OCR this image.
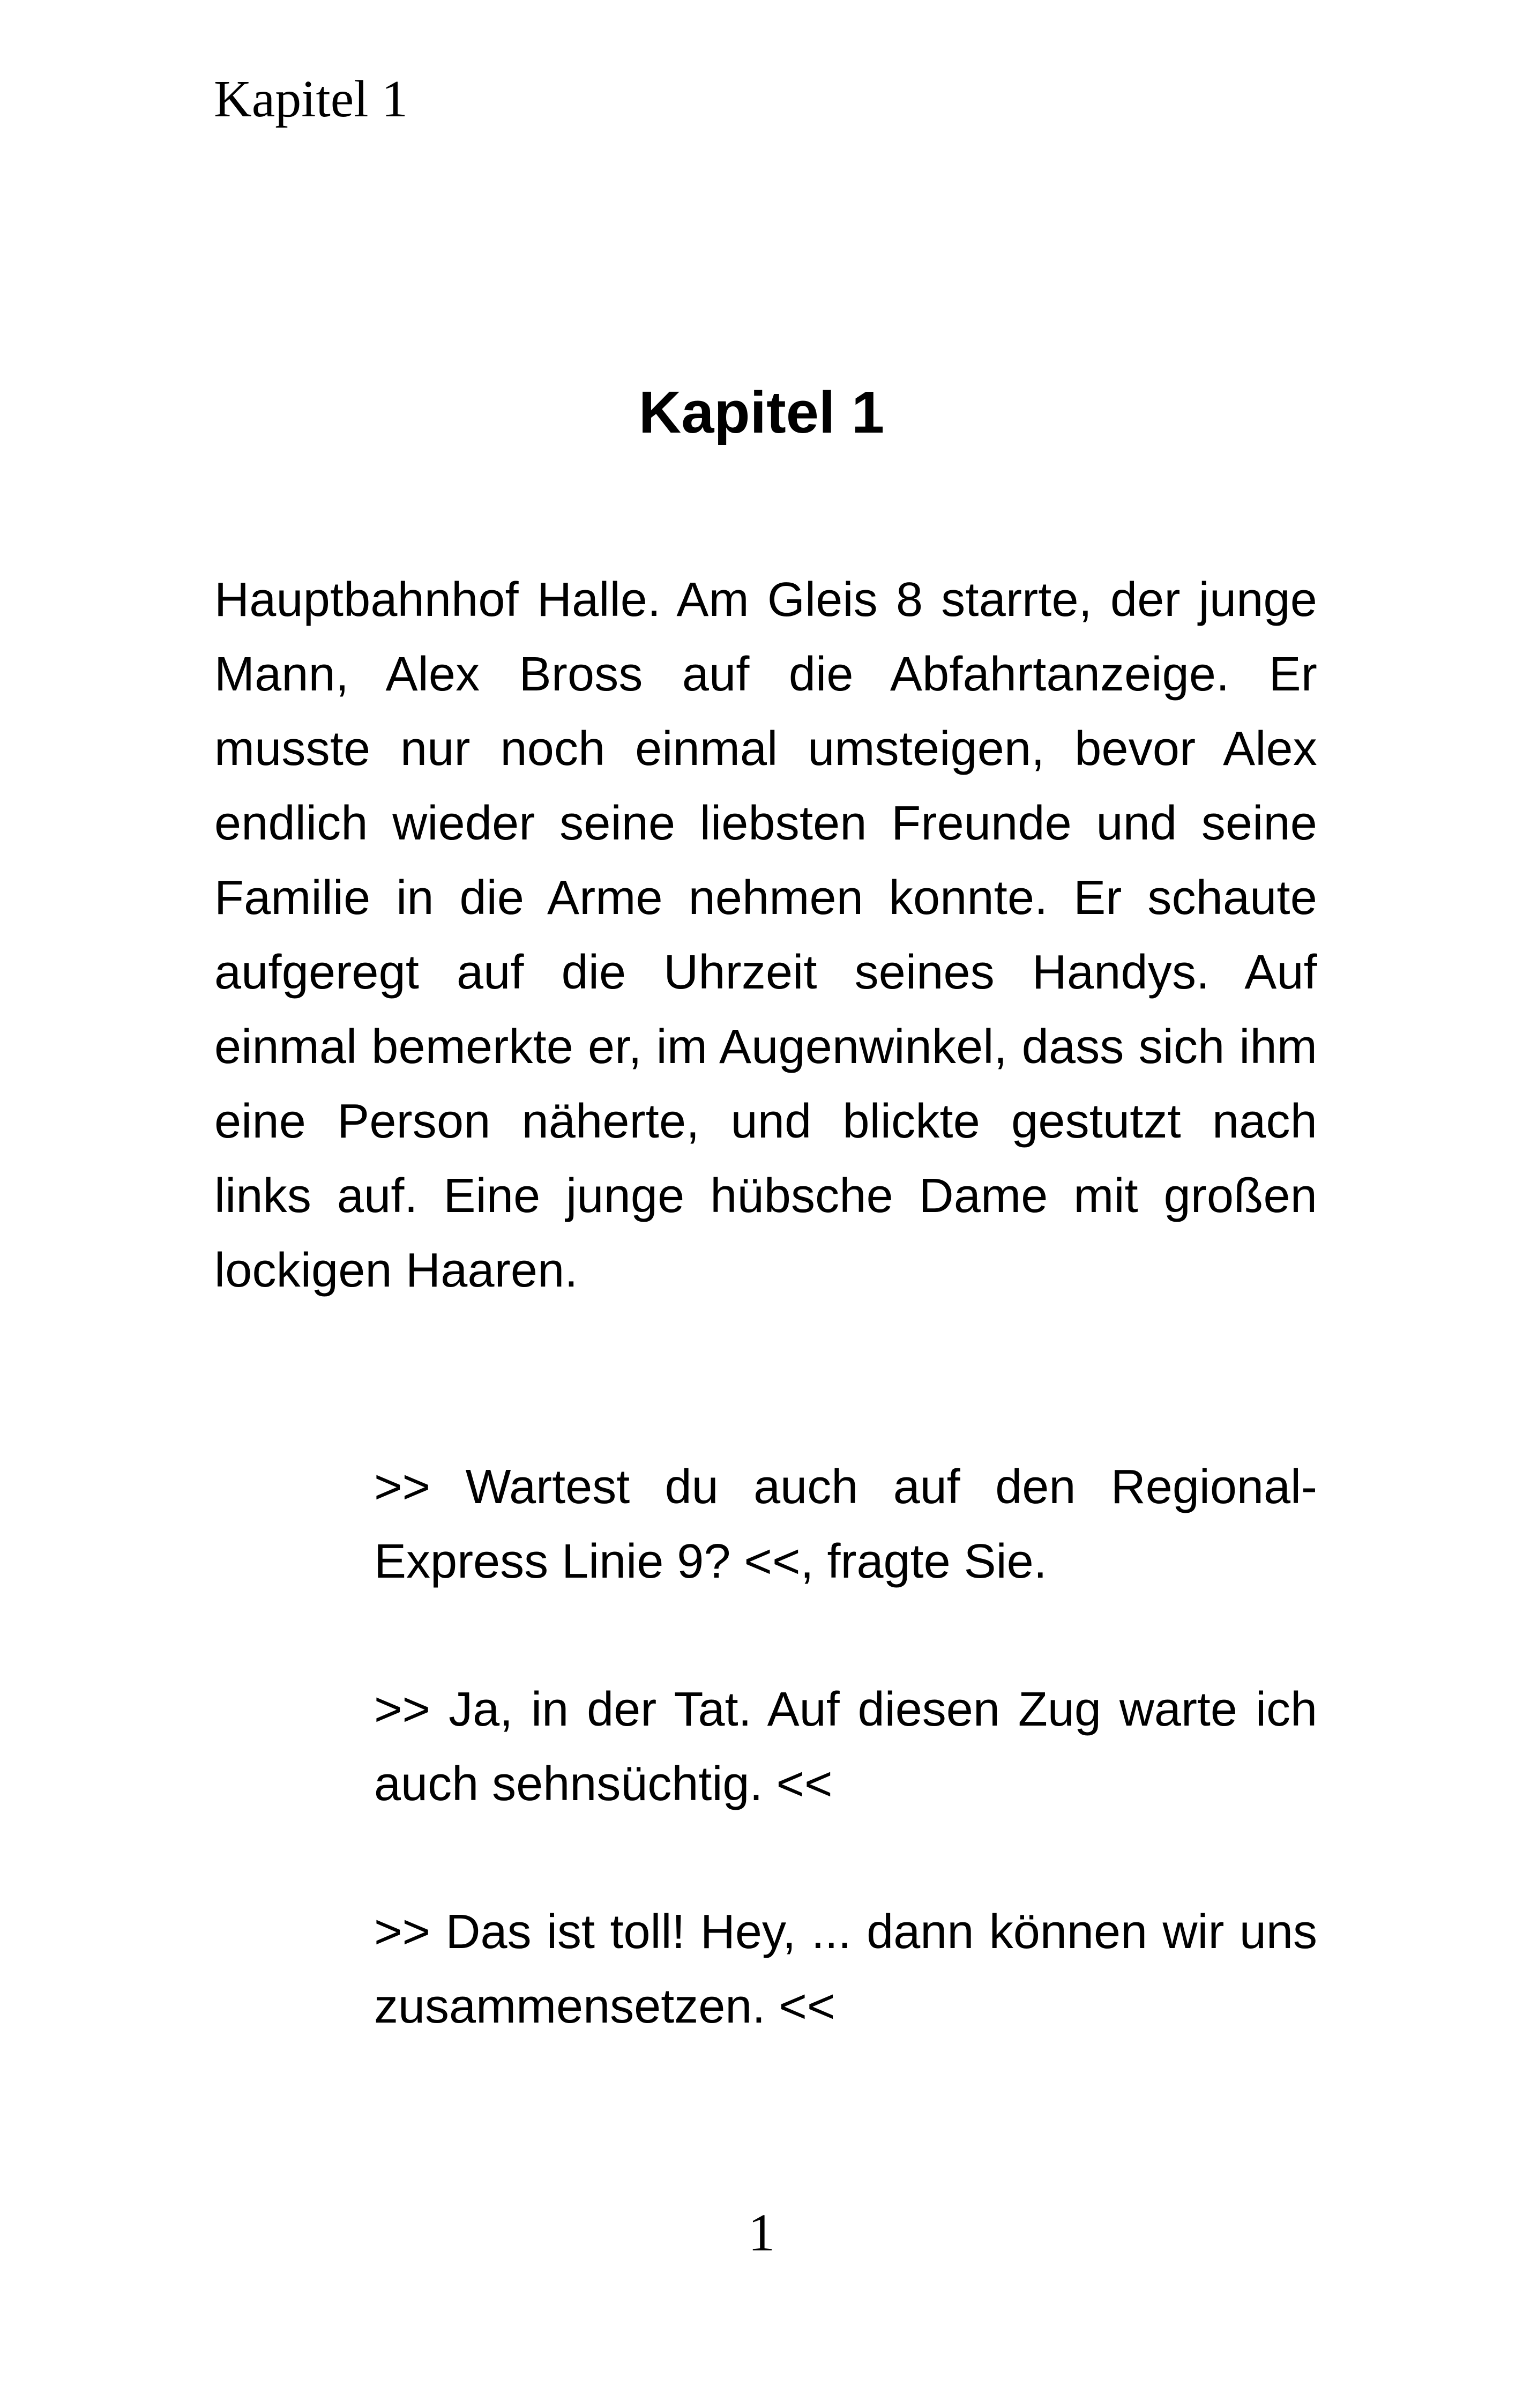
Kapitel 1
Kapitel 1

Hauptbahnhof Halle. Am Gleis 8 starrte, der junge Mann, Alex Bross auf die Abfahrtanzeige. Er musste nur noch einmal umsteigen, bevor Alex endlich wieder seine liebsten Freunde und seine Familie in die Arme nehmen konnte. Er schaute aufgeregt auf die Uhrzeit seines Handys. Auf einmal bemerkte er, im Augenwinkel, dass sich ihm eine Person näherte, und blickte gestutzt nach links auf. Eine junge hübsche Dame mit großen lockigen Haaren.

>> Wartest du auch auf den Regional-Express Linie 9? <<, fragte Sie.

>> Ja, in der Tat. Auf diesen Zug warte ich auch sehnsüchtig. <<

>> Das ist toll! Hey, ... dann können wir uns zusammensetzen. <<

1
